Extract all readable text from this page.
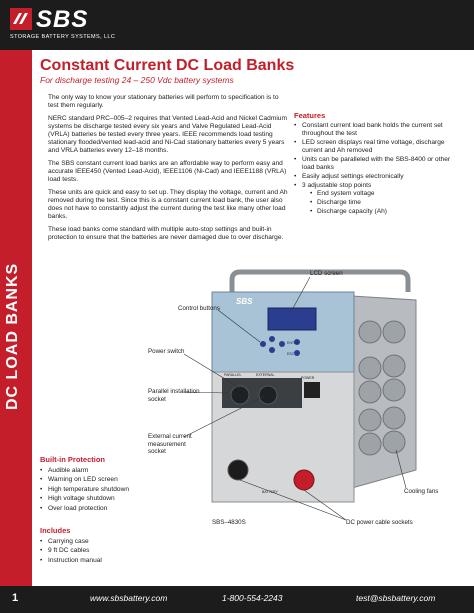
SBS
STORAGE BATTERY SYSTEMS, LLC
DC LOAD BANKS
Constant Current DC Load Banks
For discharge testing 24 – 250 Vdc battery systems

The only way to know your stationary batteries will perform to specification is to test them regularly.

NERC standard PRC–005–2 requires that Vented Lead-Acid and Nickel Cadmium systems be discharge tested every six years and Valve Regulated Lead-Acid (VRLA) batteries be tested every three years. IEEE recommends load testing stationary flooded/vented lead-acid and Ni-Cad stationary batteries every 5 years and VRLA batteries every 12–18 months.

The SBS constant current load banks are an affordable way to perform easy and accurate IEEE450 (Vented Lead-Acid), IEEE1106 (Ni-Cad) and IEEE1188 (VRLA) load tests.

These units are quick and easy to set up. They display the voltage, current and Ah removed during the test. Since this is a constant current load bank, the user also does not have to constantly adjust the current during the test like many other load banks.

These load banks come standard with multiple auto-stop settings and built-in protection to ensure that the batteries are never damaged due to over discharge.

Features
• Constant current load bank holds the current set throughout the test
• LED screen displays real time voltage, discharge current and Ah removed
• Units can be paralleled with the SBS-8400 or other load banks
• Easily adjust settings electronically
• 3 adjustable stop points
• End system voltage
• Discharge time
• Discharge capacity (Ah)
SBS
ENTER
ESC
POWER
PARALLEL	EXTERNAL
BATTERY
LCD screen
Control buttons
Power switch
Parallel installation socket
External current measurement socket
Cooling fans
DC power cable sockets
SBS–4830S
Built-in Protection
• Audible alarm
• Warning on LED screen
• High temperature shutdown
• High voltage shutdown
• Over load protection
Includes
• Carrying case
• 9 ft DC cables
• Instruction manual
1	www.sbsbattery.com	1-800-554-2243	test@sbsbattery.com
